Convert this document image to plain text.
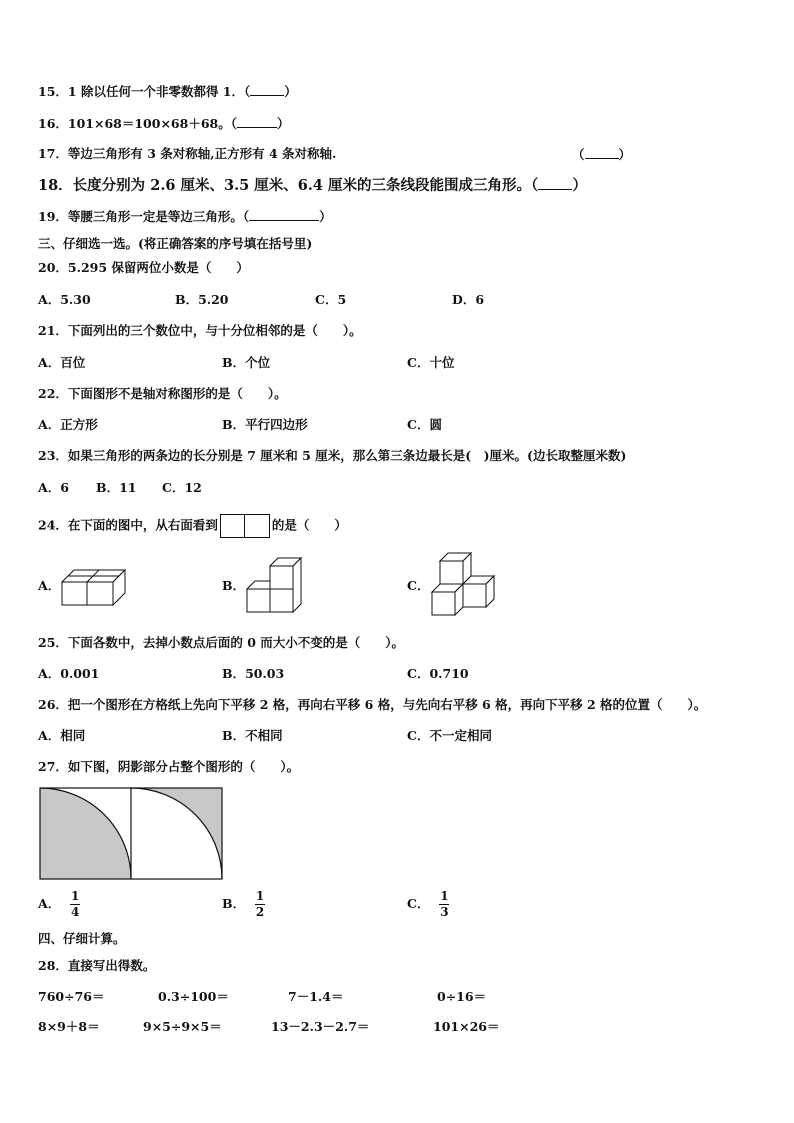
15．1 除以任何一个非零数都得 1．（	）
16．101×68＝100×68＋68。（	）
17．等边三角形有 3 条对称轴,正方形有 4 条对称轴.	（	）
18．长度分别为 2.6 厘米、3.5 厘米、6.4 厘米的三条线段能围成三角形。（ ）
19．等腰三角形一定是等边三角形。（	）
三、仔细选一选。(将正确答案的序号填在括号里)
20．5.295 保留两位小数是（　　）
A．5.30	B．5.20	C．5	D．6
21．下面列出的三个数位中，与十分位相邻的是（　　）。
A．百位	B．个位	C．十位
22．下面图形不是轴对称图形的是（　　）。
A．正方形	B．平行四边形	C．圆
23．如果三角形的两条边的长分别是 7 厘米和 5 厘米，那么第三条边最长是(　)厘米。(边长取整厘米数)
A．6 B．11 C．12
24．在下面的图中，从右面看到	的是（　　）
A．	B．	C．
25．下面各数中，去掉小数点后面的 0 而大小不变的是（　　）。
A．0.001	B．50.03	C．0.710
26．把一个图形在方格纸上先向下平移 2 格，再向右平移 6 格，与先向右平移 6 格，再向下平移 2 格的位置（　　）。
A．相同	B．不相同	C．不一定相同
27．如下图，阴影部分占整个图形的（　　）。
A． $\frac{1}{4}$	B． $\frac{1}{2}$	C． $\frac{1}{3}$
四、仔细计算。
28．直接写出得数。
760÷76＝	0.3÷100＝	7－1.4＝	0÷16＝
8×9＋8＝	9×5÷9×5＝	13－2.3－2.7＝	101×26＝
